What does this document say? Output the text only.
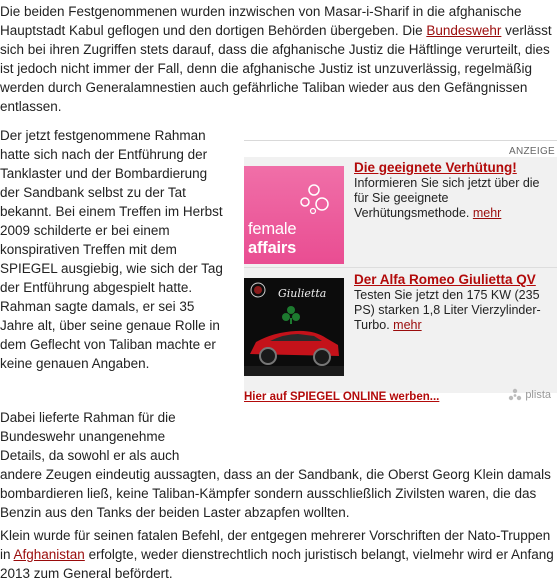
Die beiden Festgenommenen wurden inzwischen von Masar-i-Sharif in die afghanische Hauptstadt Kabul geflogen und den dortigen Behörden übergeben. Die Bundeswehr verlässt sich bei ihren Zugriffen stets darauf, dass die afghanische Justiz die Häftlinge verurteilt, dies ist jedoch nicht immer der Fall, denn die afghanische Justiz ist unzuverlässig, regelmäßig werden durch Generalamnestien auch gefährliche Taliban wieder aus den Gefängnissen entlassen.

Der jetzt festgenommene Rahman hatte sich nach der Entführung der Tanklaster und der Bombardierung der Sandbank selbst zu der Tat bekannt. Bei einem Treffen im Herbst 2009 schilderte er bei einem konspirativen Treffen mit dem SPIEGEL ausgiebig, wie sich der Tag der Entführung abgespielt hatte. Rahman sagte damals, er sei 35 Jahre alt, über seine genaue Rolle in dem Geflecht von Taliban machte er keine genauen Angaben.

ANZEIGE
female affairs
Die geeignete Verhütung!
Informieren Sie sich jetzt über die für Sie geeignete Verhütungsmethode. mehr
Giulietta
Der Alfa Romeo Giulietta QV
Testen Sie jetzt den 175 KW (235 PS) starken 1,8 Liter Vierzylinder-Turbo. mehr
Hier auf SPIEGEL ONLINE werben...	plista

Dabei lieferte Rahman für die
Bundeswehr unangenehme
Details, da sowohl er als auch
andere Zeugen eindeutig aussagten, dass an der Sandbank, die Oberst Georg Klein damals bombardieren ließ, keine Taliban-Kämpfer sondern ausschließlich Zivilsten waren, die das Benzin aus den Tanks der beiden Laster abzapfen wollten.

Klein wurde für seinen fatalen Befehl, der entgegen mehrerer Vorschriften der Nato-Truppen in Afghanistan erfolgte, weder dienstrechtlich noch juristisch belangt, vielmehr wird er Anfang 2013 zum General befördert.
